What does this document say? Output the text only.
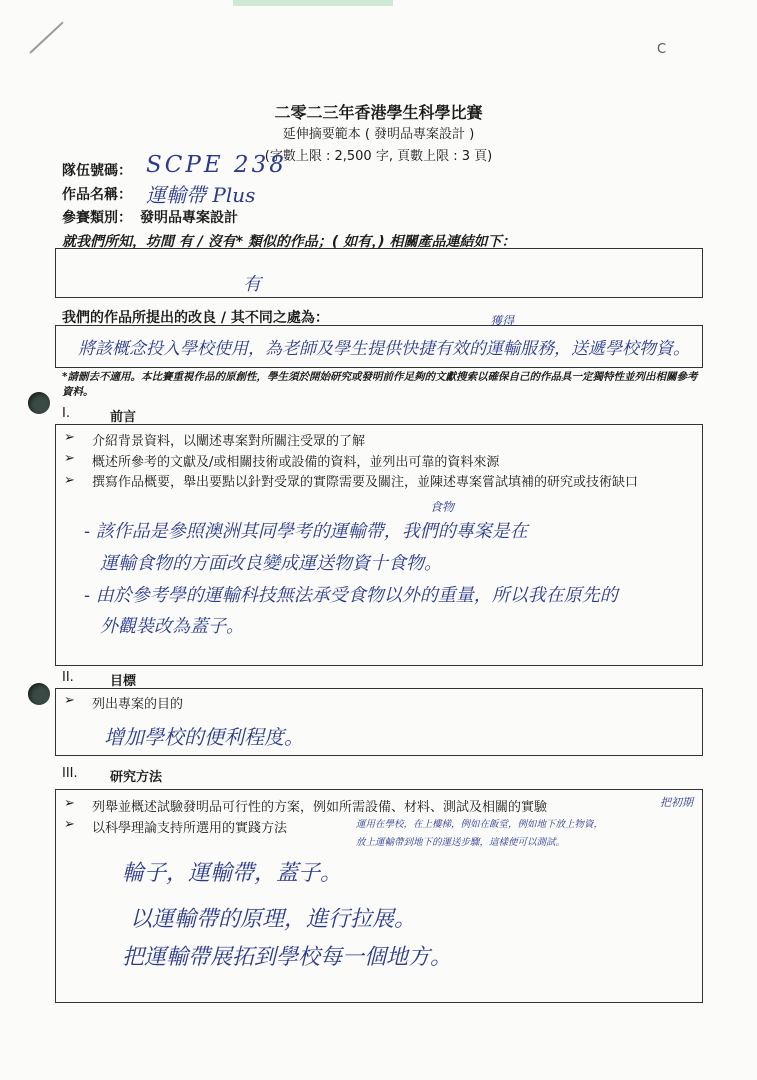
C
二零二三年香港學生科學比賽
延伸摘要範本 ( 發明品專案設計 )
(字數上限 : 2,500 字, 頁數上限 : 3 頁)
隊伍號碼： SCPE 238
作品名稱： 運輸帶 Plus
參賽類別： 發明品專案設計
就我們所知，坊間 有 / 沒有* 類似的作品；( 如有，) 相關產品連結如下：
有
我們的作品所提出的改良 / 其不同之處為：	獲得
將該概念投入學校使用，為老師及學生提供快捷有效的運輸服務，送遞學校物資。
*請刪去不適用。本比賽重視作品的原創性，學生須於開始研究或發明前作足夠的文獻搜索以確保自己的作品具一定獨特性並列出相關參考資料。
I.	前言
➢ 介紹背景資料，以闡述專案對所關注受眾的了解
➢ 概述所參考的文獻及/或相關技術或設備的資料，並列出可靠的資料來源
➢ 撰寫作品概要，舉出要點以針對受眾的實際需要及關注，並陳述專案嘗試填補的研究或技術缺口
食物
- 該作品是參照澳洲其同學考的運輸帶，我們的專案是在
運輸食物的方面改良變成運送物資十食物。
- 由於參考學的運輸科技無法承受食物以外的重量，所以我在原先的
外觀裝改為蓋子。
II.	目標
➢ 列出專案的目的
增加學校的便利程度。
III. 研究方法
➢ 列舉並概述試驗發明品可行性的方案，例如所需設備、材料、測試及相關的實驗
➢ 以科學理論支持所選用的實踐方法
把初期
運用在學校，在上樓梯，例如在飯堂，例如地下放上物資，
放上運輸帶到地下的運送步驟，這樣便可以測試。
輪子，運輸帶，蓋子。
以運輸帶的原理，進行拉展。
把運輸帶展拓到學校每一個地方。
